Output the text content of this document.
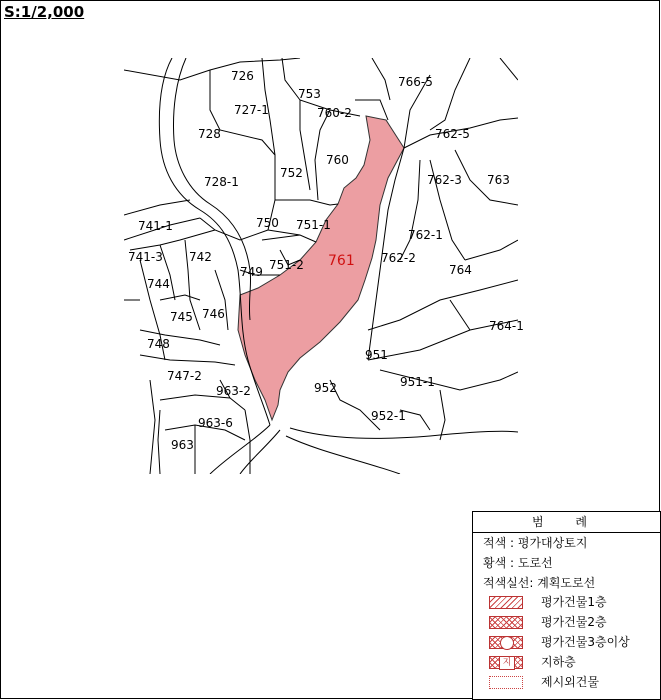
S:1/2,000
726
753
766-5
727-1	760-2
728	762-5
760
752
728-1	762-3 763
741-1	750 751-1
762-1
741-3 742
749 751-2	762-2
764
744
746
745
764-1
748
951
747-2
952	951-1
963-2
952-1
963-6
963
761
범 례
적색 : 평가대상토지
황색 : 도로선
적색실선: 계획도로선
평가건물1층
평가건물2층
평가건물3층이상
지	지하층
제시외건물
